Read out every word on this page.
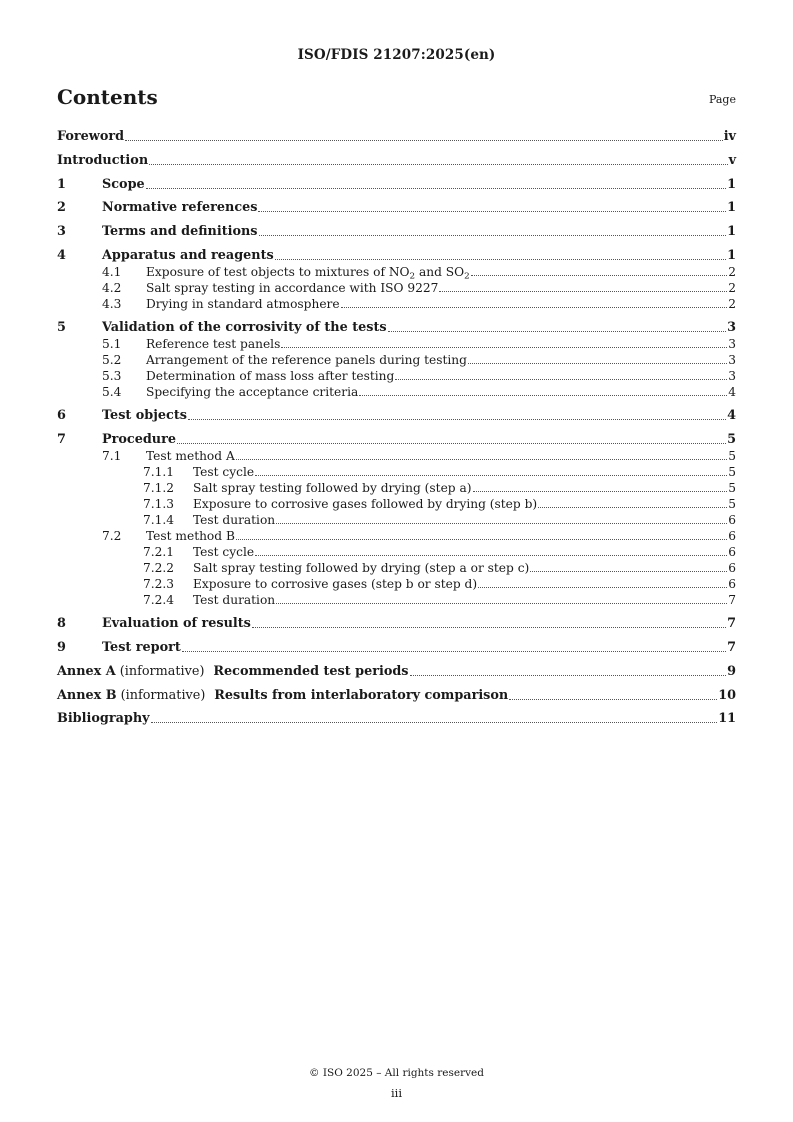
ISO/FDIS 21207:2025(en)
Contents	Page
Foreword	iv
Introduction	v
1	Scope	1
2	Normative references	1
3	Terms and definitions	1
4	Apparatus and reagents	1
4.1	Exposure of test objects to mixtures of $NO_2$ and $SO_2$	2
4.2	Salt spray testing in accordance with ISO 9227	2
4.3	Drying in standard atmosphere	2
5	Validation of the corrosivity of the tests	3
5.1	Reference test panels	3
5.2	Arrangement of the reference panels during testing	3
5.3	Determination of mass loss after testing	3
5.4	Specifying the acceptance criteria	4
6	Test objects	4
7	Procedure	5
7.1	Test method A	5
7.1.1	Test cycle	5
7.1.2	Salt spray testing followed by drying (step a)	5
7.1.3	Exposure to corrosive gases followed by drying (step b)	5
7.1.4	Test duration	6
7.2	Test method B	6
7.2.1	Test cycle	6
7.2.2	Salt spray testing followed by drying (step a or step c)	6
7.2.3	Exposure to corrosive gases (step b or step d)	6
7.2.4	Test duration	7
8	Evaluation of results	7
9	Test report	7
Annex A (informative) Recommended test periods	9
Annex B (informative) Results from interlaboratory comparison	10
Bibliography	11
© ISO 2025 – All rights reserved
iii
